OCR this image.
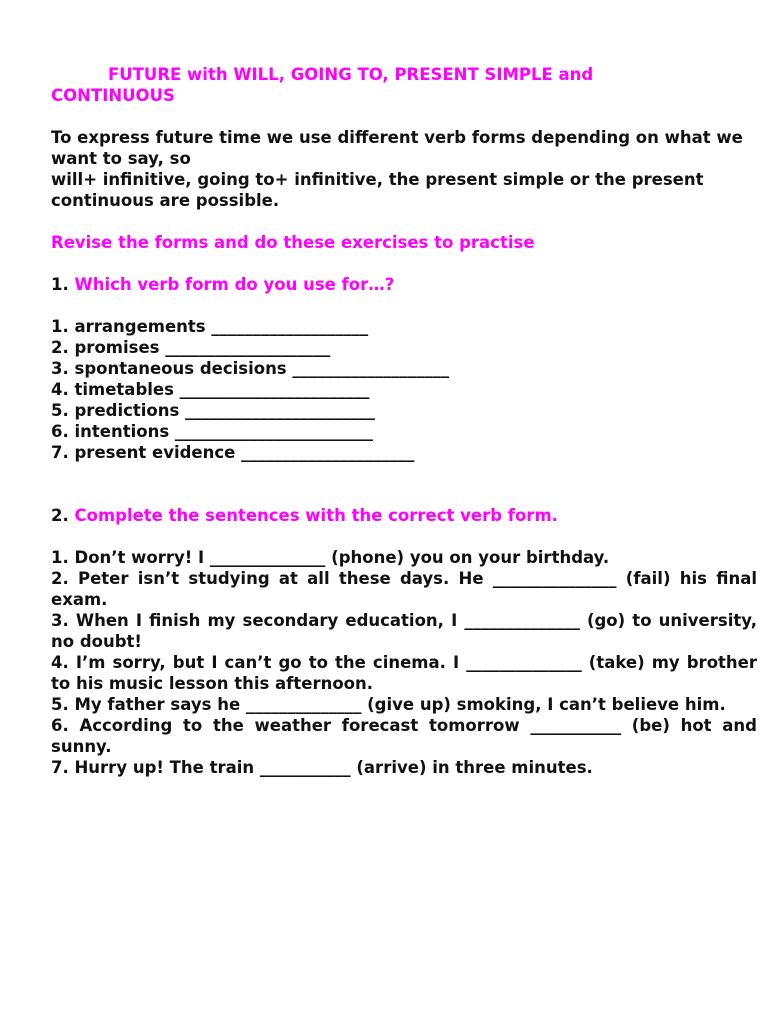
FUTURE with WILL, GOING TO, PRESENT SIMPLE and

CONTINUOUS

To express future time we use different verb forms depending on what we want to say, so

will+ infinitive, going to+ infinitive, the present simple or the present continuous are possible.

Revise the forms and do these exercises to practise

1. Which verb form do you use for…?

1. arrangements ___________________

2. promises ____________________

3. spontaneous decisions ___________________

4. timetables _______________________

5. predictions _______________________

6. intentions ________________________

7. present evidence _____________________

2. Complete the sentences with the correct verb form.

1. Don’t worry! I ______________ (phone) you on your birthday.

2. Peter isn’t studying at all these days. He _______________ (fail) his final exam.

3. When I finish my secondary education, I ______________ (go) to university, no doubt!

4. I’m sorry, but I can’t go to the cinema. I ______________ (take) my brother to his music lesson this afternoon.

5. My father says he ______________ (give up) smoking, I can’t believe him.

6. According to the weather forecast tomorrow ___________ (be) hot and sunny.

7. Hurry up! The train ___________ (arrive) in three minutes.
